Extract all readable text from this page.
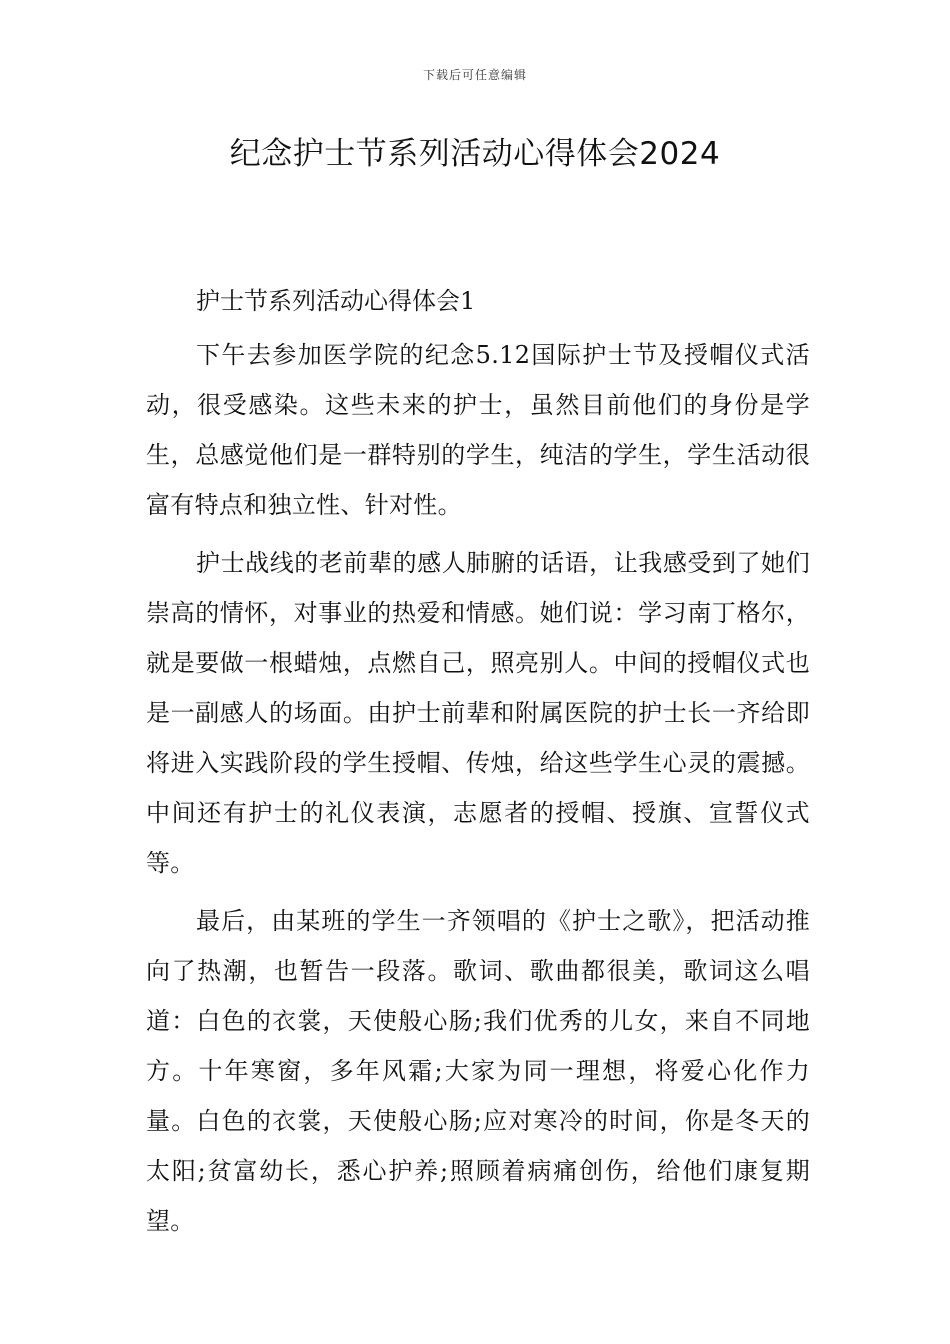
下载后可任意编辑
纪念护士节系列活动心得体会2024
护士节系列活动心得体会1

下午去参加医学院的纪念5.12国际护士节及授帽仪式活动，很受感染。这些未来的护士，虽然目前他们的身份是学生，总感觉他们是一群特别的学生，纯洁的学生，学生活动很富有特点和独立性、针对性。

护士战线的老前辈的感人肺腑的话语，让我感受到了她们崇高的情怀，对事业的热爱和情感。她们说：学习南丁格尔，就是要做一根蜡烛，点燃自己，照亮别人。中间的授帽仪式也是一副感人的场面。由护士前辈和附属医院的护士长一齐给即将进入实践阶段的学生授帽、传烛，给这些学生心灵的震撼。中间还有护士的礼仪表演，志愿者的授帽、授旗、宣誓仪式等。

最后，由某班的学生一齐领唱的《护士之歌》，把活动推向了热潮，也暂告一段落。歌词、歌曲都很美，歌词这么唱道：白色的衣裳，天使般心肠;我们优秀的儿女，来自不同地方。十年寒窗，多年风霜;大家为同一理想，将爱心化作力量。白色的衣裳，天使般心肠;应对寒冷的时间，你是冬天的太阳;贫富幼长，悉心护养;照顾着病痛创伤，给他们康复期望。
